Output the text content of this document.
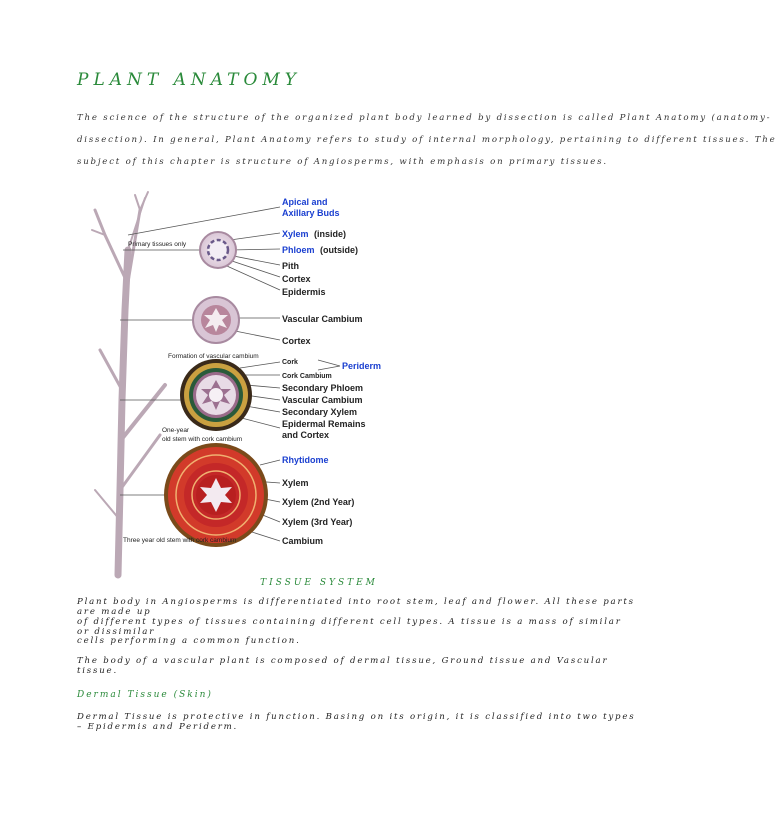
PLANT ANATOMY
The science of the structure of the organized plant body learned by dissection is called Plant Anatomy (anatomy-
dissection). In general, Plant Anatomy refers to study of internal morphology, pertaining to different tissues. The
subject of this chapter is structure of Angiosperms, with emphasis on primary tissues.
Primary tissues only
Formation of vascular cambium
One-year
old stem with cork cambium
Three year old stem with cork cambium
Apical and
Axillary Buds
Xylem (inside)
Phloem (outside)
Pith
Cortex
Epidermis
Vascular Cambium
Cortex
Cork	Periderm
Cork Cambium
Secondary Phloem
Vascular Cambium
Secondary Xylem
Epidermal Remains
and Cortex
Rhytidome
Xylem
Xylem (2nd Year)
Xylem (3rd Year)
Cambium
TISSUE SYSTEM
Plant body in Angiosperms is differentiated into root stem, leaf and flower. All these parts are made up
of different types of tissues containing different cell types. A tissue is a mass of similar or dissimilar
cells performing a common function.
The body of a vascular plant is composed of dermal tissue, Ground tissue and Vascular tissue.
Dermal Tissue (Skin)
Dermal Tissue is protective in function. Basing on its origin, it is classified into two types – Epidermis and Periderm.
